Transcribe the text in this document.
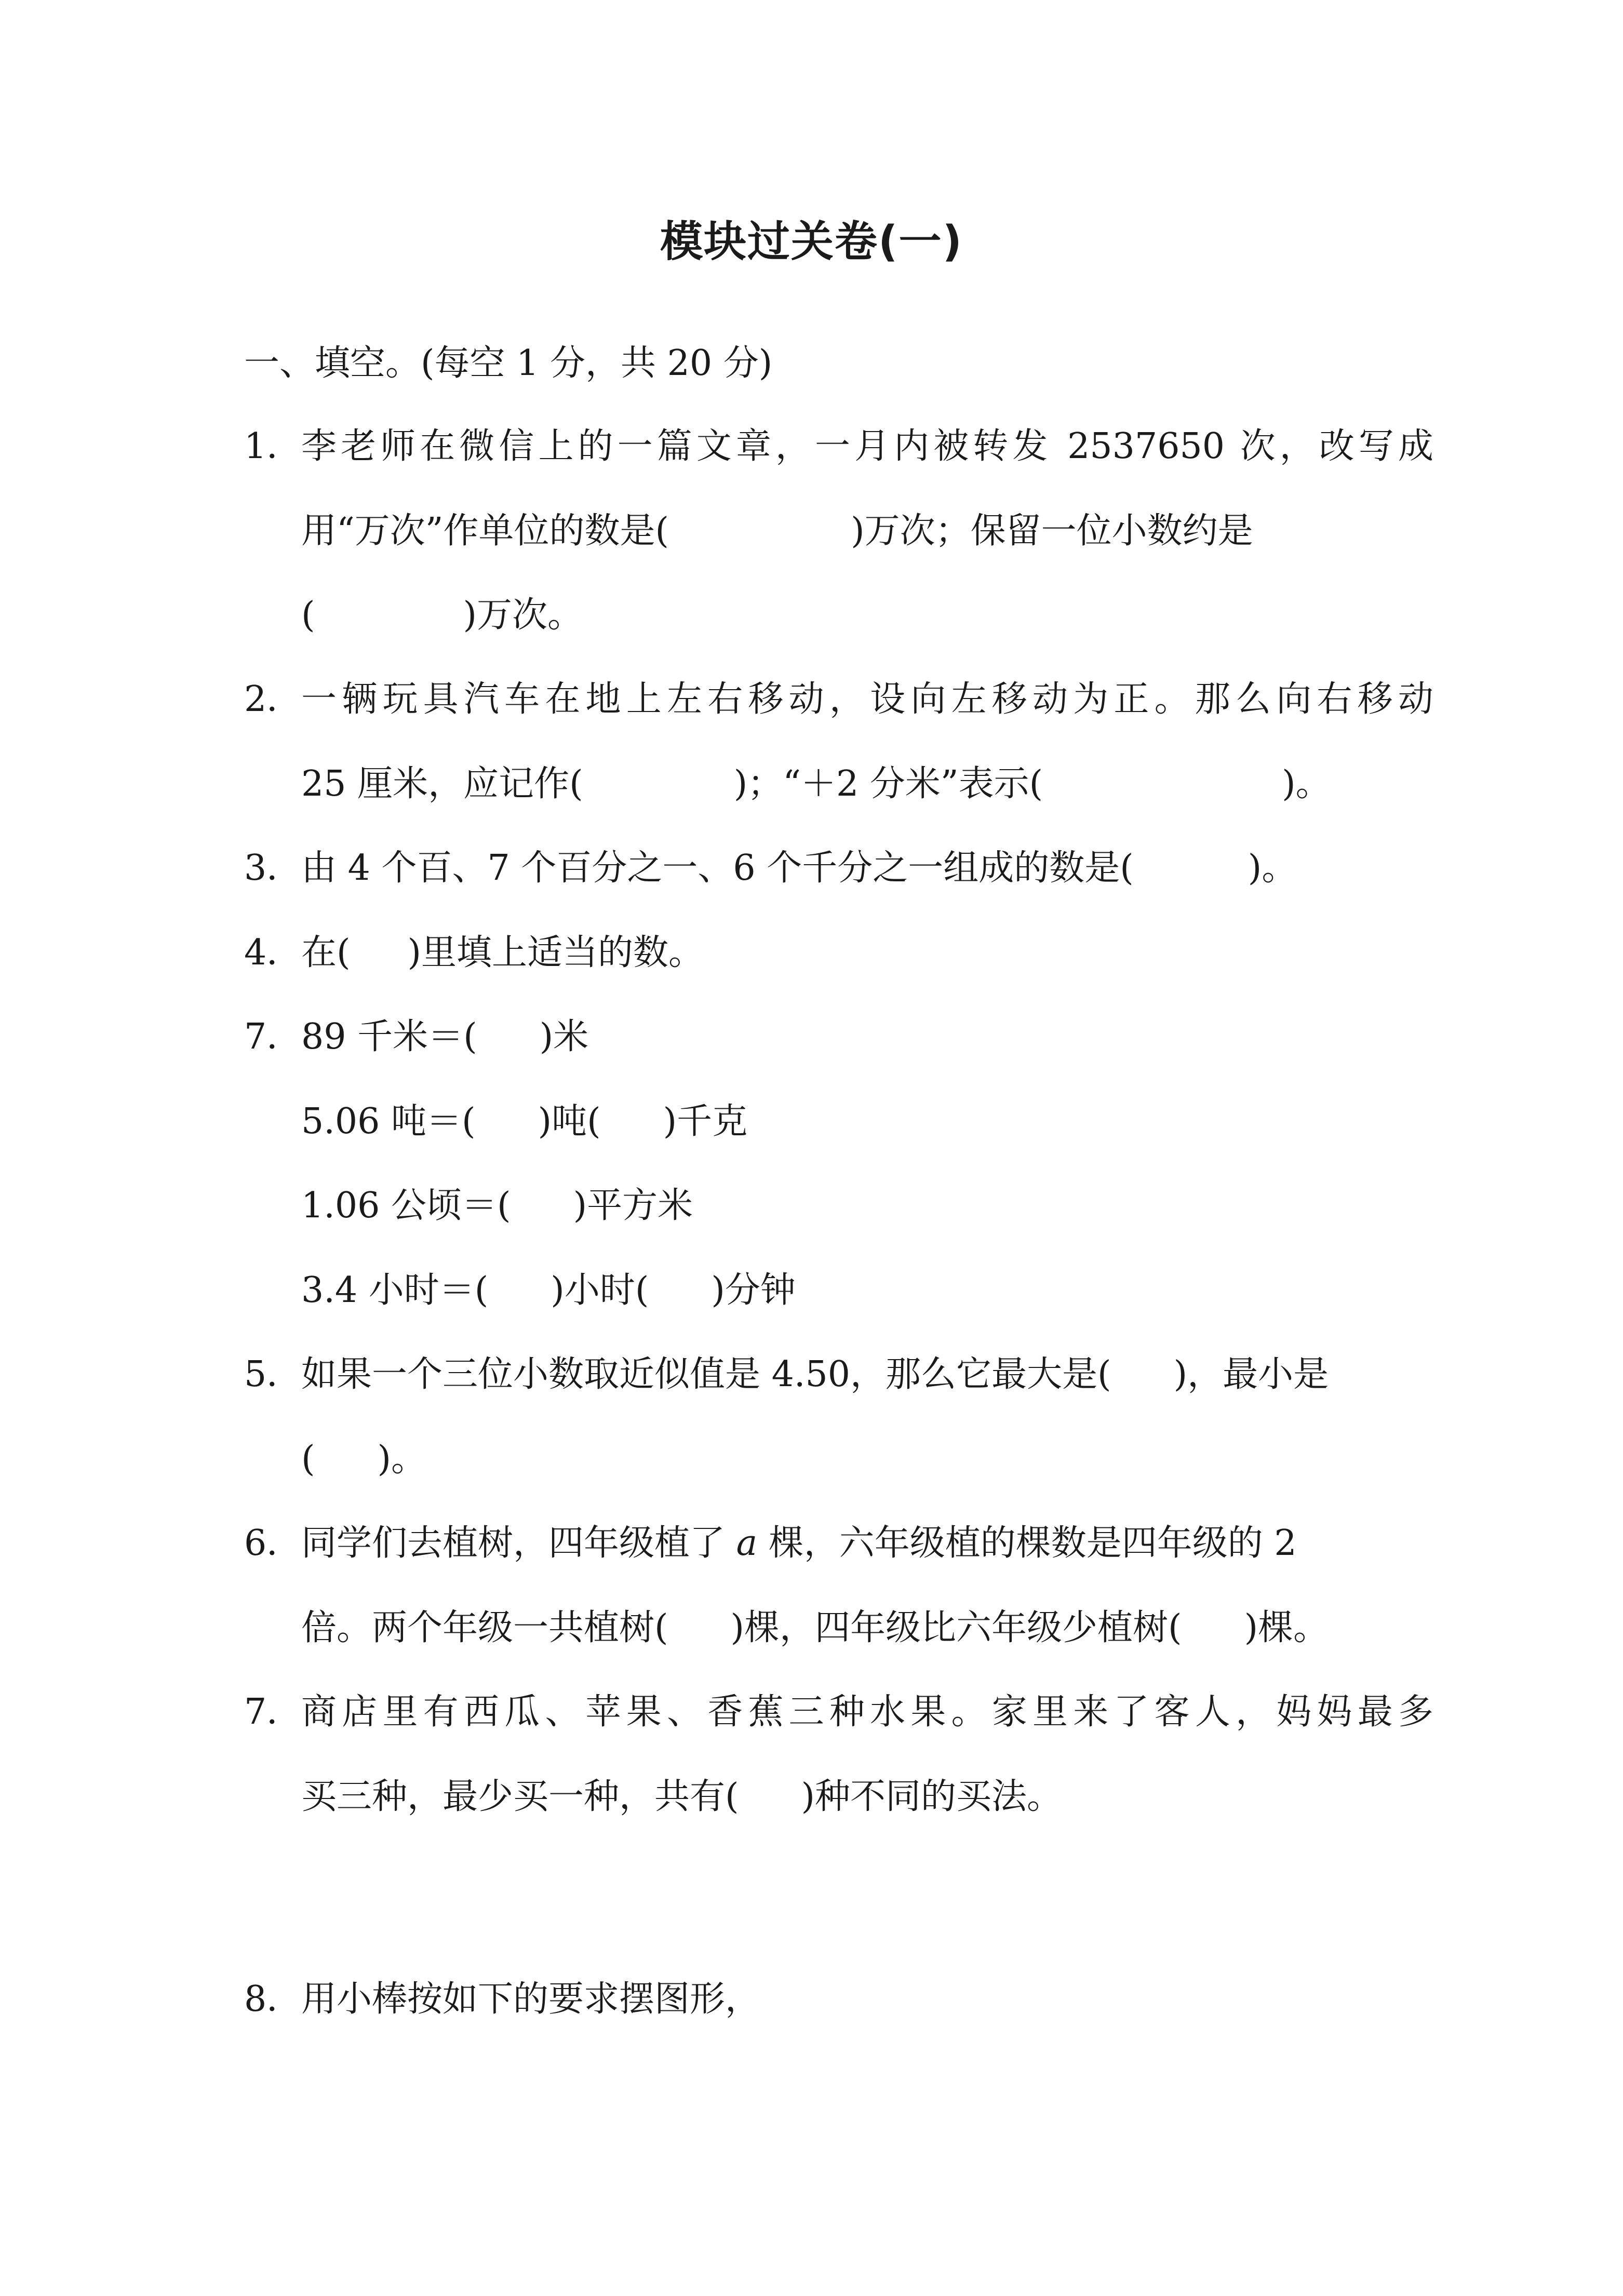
模块过关卷(一)
一、填空。(每空 1 分，共 20 分)
1．
李老师在微信上的一篇文章，一月内被转发 2537650 次，改写成
用“万次”作单位的数是(	)万次；保留一位小数约是
(	)万次。
2．
一辆玩具汽车在地上左右移动，设向左移动为正。那么向右移动
25 厘米，应记作(	)；“＋2 分米”表示(	)。
3．
由 4 个百、7 个百分之一、6 个千分之一组成的数是(	)。
4．
在( )里填上适当的数。
7．
89 千米＝( )米
5.06 吨＝( )吨( )千克
1.06 公顷＝( )平方米
3.4 小时＝( )小时( )分钟
5．
如果一个三位小数取近似值是 4.50，那么它最大是( )，最小是
( )。
6．
同学们去植树，四年级植了 a 棵，六年级植的棵数是四年级的 2
倍。两个年级一共植树( )棵，四年级比六年级少植树( )棵。
7．
商店里有西瓜、苹果、香蕉三种水果。家里来了客人，妈妈最多
买三种，最少买一种，共有( )种不同的买法。
8．
用小棒按如下的要求摆图形，
